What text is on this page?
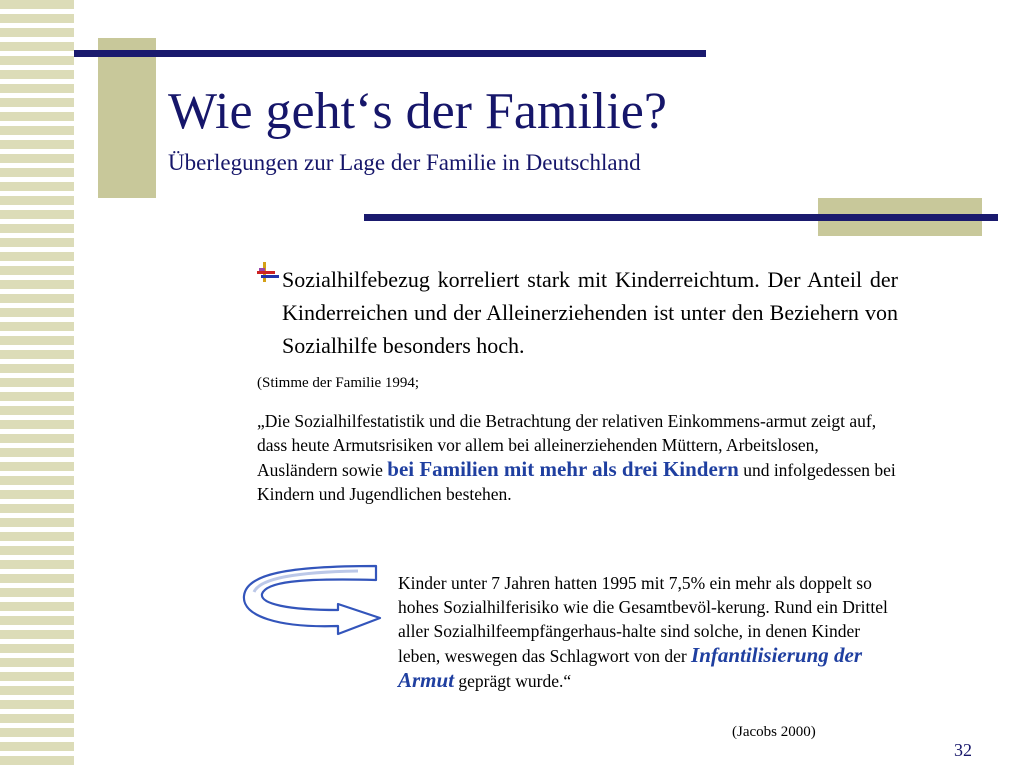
Wie geht‘s der Familie?
Überlegungen zur Lage der Familie in Deutschland
Sozialhilfebezug korreliert stark mit Kinderreichtum. Der Anteil der Kinderreichen und der Alleinerziehenden ist unter den Beziehern von Sozialhilfe besonders hoch.
(Stimme der Familie 1994;
„Die Sozialhilfestatistik und die Betrachtung der relativen Einkommens-armut zeigt auf, dass heute Armutsrisiken vor allem bei alleinerziehenden Müttern, Arbeitslosen, Ausländern sowie bei Familien mit mehr als drei Kindern und infolgedessen bei Kindern und Jugendlichen bestehen.
Kinder unter 7 Jahren hatten 1995 mit 7,5% ein mehr als doppelt so hohes Sozialhilferisiko wie die Gesamtbevöl-kerung. Rund ein Drittel aller Sozialhilfeempfängerhaus-halte sind solche, in denen Kinder leben, weswegen das Schlagwort von der Infantilisierung der Armut geprägt wurde.“
(Jacobs 2000)
32
